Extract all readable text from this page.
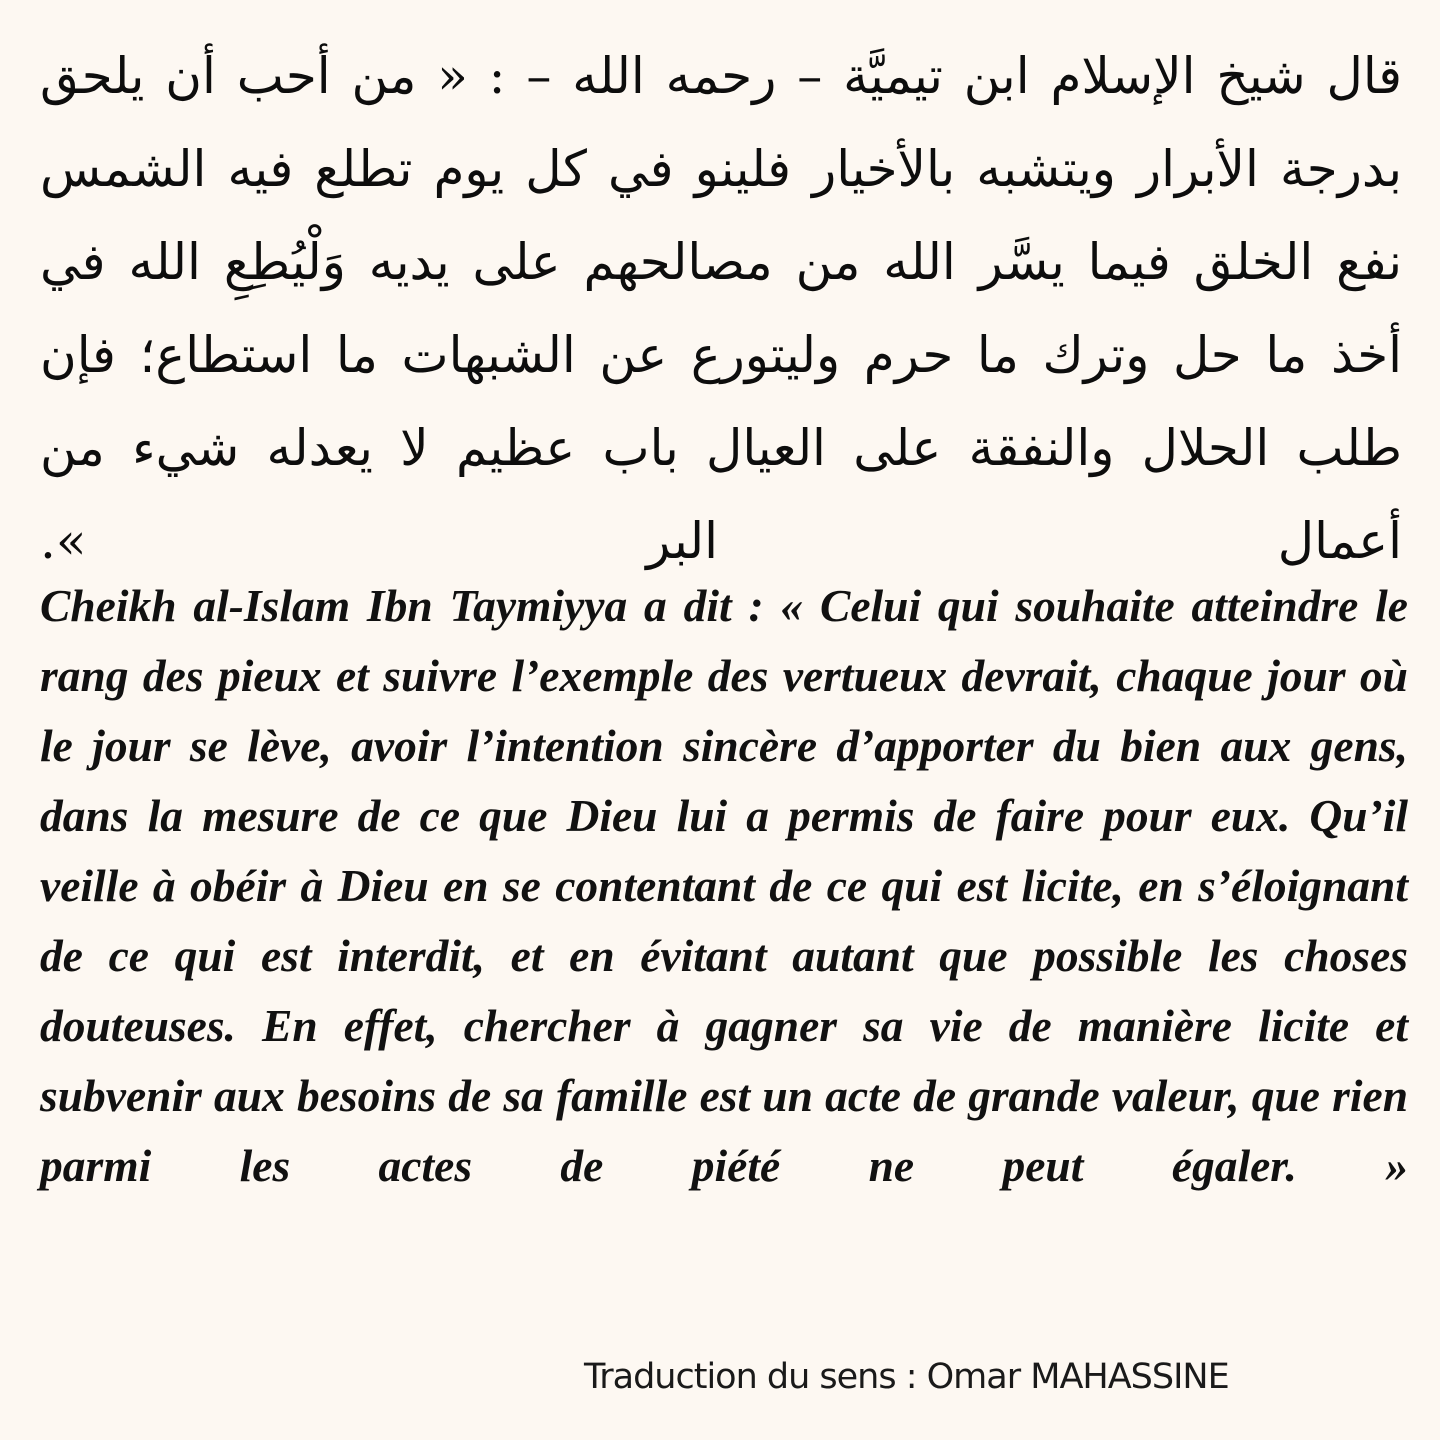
قال شيخ الإسلام ابن تيميَّة – رحمه الله – : « من أحب أن يلحق بدرجة الأبرار ويتشبه بالأخيار فلينو في كل يوم تطلع فيه الشمس نفع الخلق فيما يسَّر الله من مصالحهم على يديه وَلْيُطِعِ الله في أخذ ما حل وترك ما حرم وليتورع عن الشبهات ما استطاع؛ فإن طلب الحلال والنفقة على العيال باب عظيم لا يعدله شيء من أعمال البر ».

Cheikh al-Islam Ibn Taymiyya a dit : « Celui qui souhaite atteindre le rang des pieux et suivre l’exemple des vertueux devrait, chaque jour où le jour se lève, avoir l’intention sincère d’apporter du bien aux gens, dans la mesure de ce que Dieu lui a permis de faire pour eux. Qu’il veille à obéir à Dieu en se contentant de ce qui est licite, en s’éloignant de ce qui est interdit, et en évitant autant que possible les choses douteuses. En effet, chercher à gagner sa vie de manière licite et subvenir aux besoins de sa famille est un acte de grande valeur, que rien parmi les actes de piété ne peut égaler. »

Traduction du sens : Omar MAHASSINE
